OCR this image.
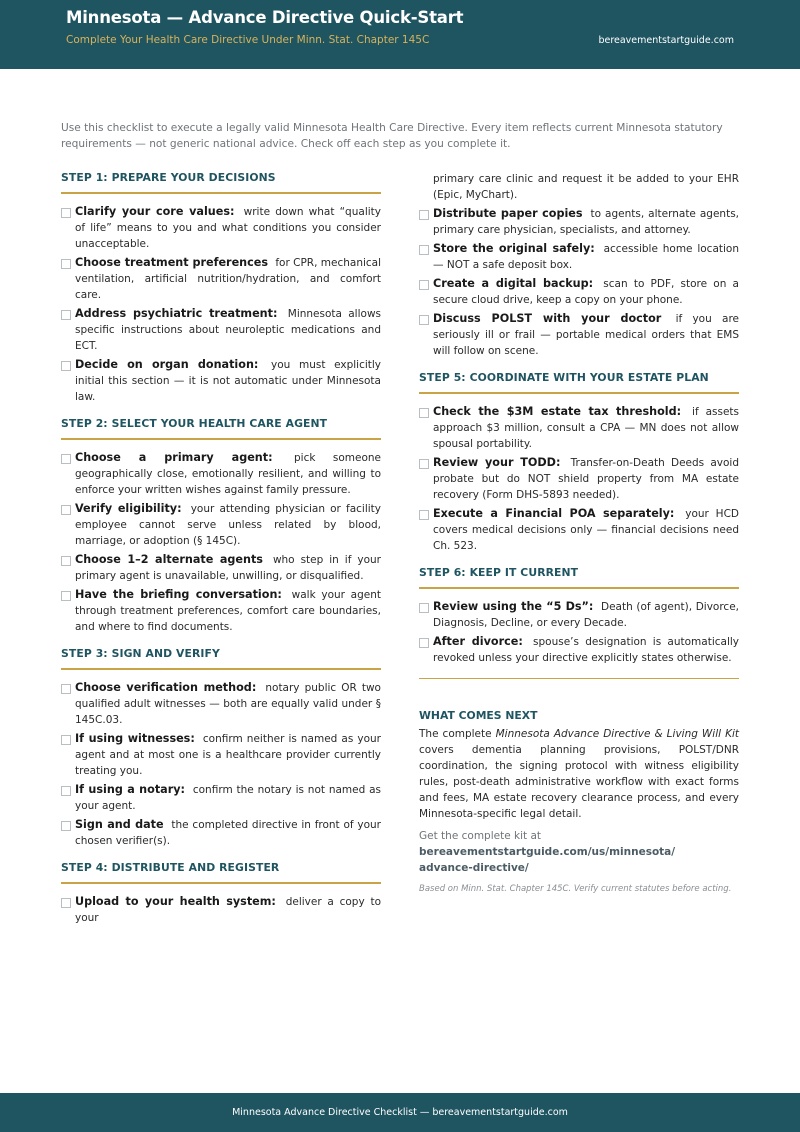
Minnesota — Advance Directive Quick-Start
Complete Your Health Care Directive Under Minn. Stat. Chapter 145C	bereavementstartguide.com
Use this checklist to execute a legally valid Minnesota Health Care Directive. Every item reflects current Minnesota statutory requirements — not generic national advice. Check off each step as you complete it.
STEP 1: PREPARE YOUR DECISIONS
Clarify your core values: write down what “quality of life” means to you and what conditions you consider unacceptable.
Choose treatment preferences for CPR, mechanical ventilation, artificial nutrition/hydration, and comfort care.
Address psychiatric treatment: Minnesota allows specific instructions about neuroleptic medications and ECT.
Decide on organ donation: you must explicitly initial this section — it is not automatic under Minnesota law.
STEP 2: SELECT YOUR HEALTH CARE AGENT
Choose a primary agent: pick someone geographically close, emotionally resilient, and willing to enforce your written wishes against family pressure.
Verify eligibility: your attending physician or facility employee cannot serve unless related by blood, marriage, or adoption (§ 145C).
Choose 1–2 alternate agents who step in if your primary agent is unavailable, unwilling, or disqualified.
Have the briefing conversation: walk your agent through treatment preferences, comfort care boundaries, and where to find documents.
STEP 3: SIGN AND VERIFY
Choose verification method: notary public OR two qualified adult witnesses — both are equally valid under § 145C.03.
If using witnesses: confirm neither is named as your agent and at most one is a healthcare provider currently treating you.
If using a notary: confirm the notary is not named as your agent.
Sign and date the completed directive in front of your chosen verifier(s).
STEP 4: DISTRIBUTE AND REGISTER
Upload to your health system: deliver a copy to your
primary care clinic and request it be added to your EHR (Epic, MyChart).
Distribute paper copies to agents, alternate agents, primary care physician, specialists, and attorney.
Store the original safely: accessible home location — NOT a safe deposit box.
Create a digital backup: scan to PDF, store on a secure cloud drive, keep a copy on your phone.
Discuss POLST with your doctor if you are seriously ill or frail — portable medical orders that EMS will follow on scene.
STEP 5: COORDINATE WITH YOUR ESTATE PLAN
Check the $3M estate tax threshold: if assets approach $3 million, consult a CPA — MN does not allow spousal portability.
Review your TODD: Transfer-on-Death Deeds avoid probate but do NOT shield property from MA estate recovery (Form DHS-5893 needed).
Execute a Financial POA separately: your HCD covers medical decisions only — financial decisions need Ch. 523.
STEP 6: KEEP IT CURRENT
Review using the “5 Ds”: Death (of agent), Divorce, Diagnosis, Decline, or every Decade.
After divorce: spouse’s designation is automatically revoked unless your directive explicitly states otherwise.
WHAT COMES NEXT
The complete Minnesota Advance Directive & Living Will Kit covers dementia planning provisions, POLST/DNR coordination, the signing protocol with witness eligibility rules, post-death administrative workflow with exact forms and fees, MA estate recovery clearance process, and every Minnesota-specific legal detail.
Get the complete kit at
bereavementstartguide.com/us/minnesota/
advance-directive/
Based on Minn. Stat. Chapter 145C. Verify current statutes before acting.
Minnesota Advance Directive Checklist — bereavementstartguide.com
